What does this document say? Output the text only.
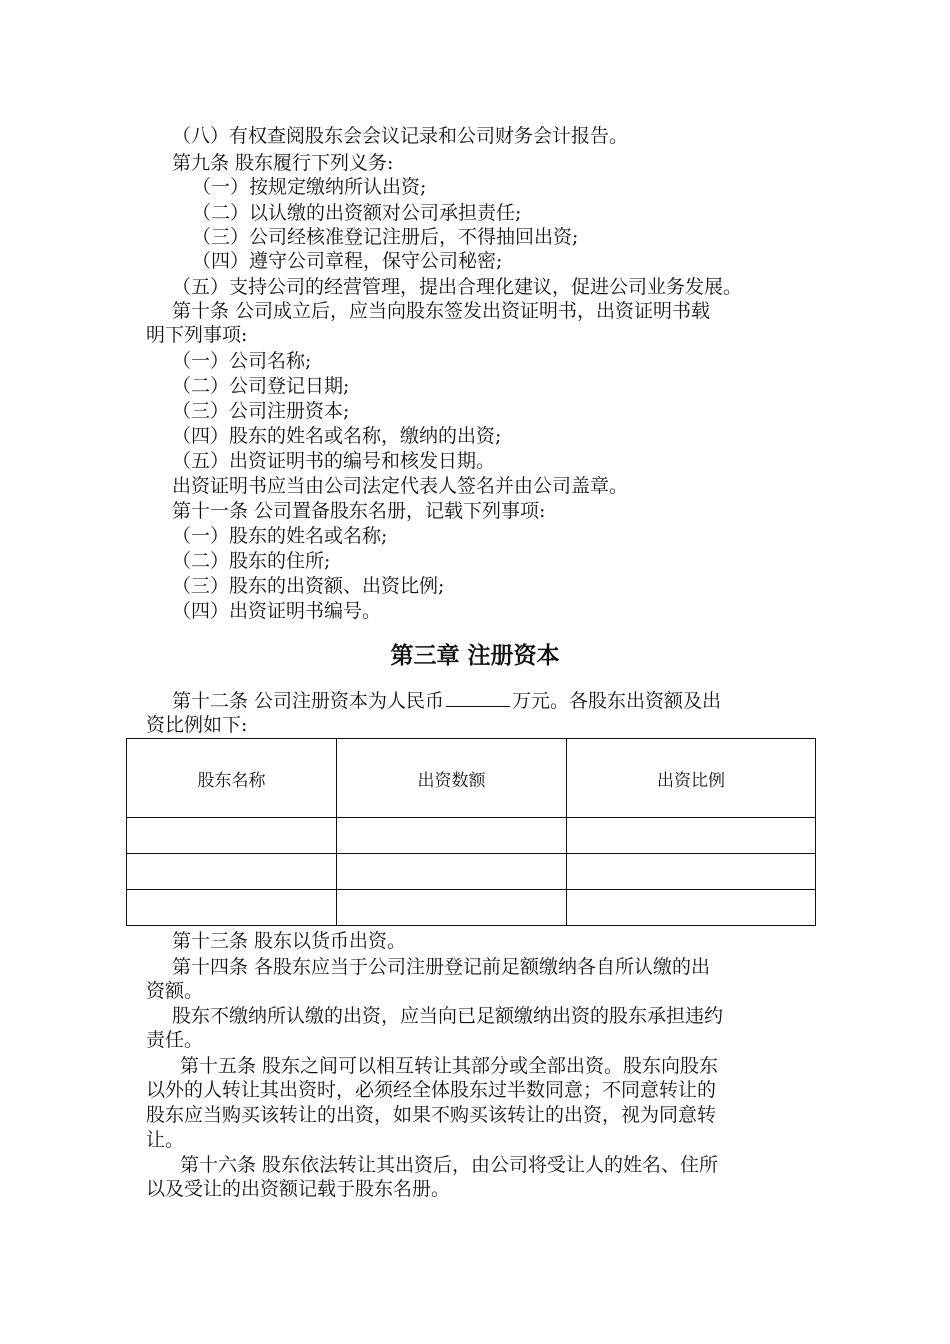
（八）有权查阅股东会会议记录和公司财务会计报告。
第九条 股东履行下列义务:
（一）按规定缴纳所认出资;
（二）以认缴的出资额对公司承担责任;
（三）公司经核准登记注册后，不得抽回出资;
（四）遵守公司章程，保守公司秘密;
（五）支持公司的经营管理，提出合理化建议，促进公司业务发展。
第十条 公司成立后，应当向股东签发出资证明书，出资证明书载
明下列事项:
（一）公司名称;
（二）公司登记日期;
（三）公司注册资本;
（四）股东的姓名或名称，缴纳的出资;
（五）出资证明书的编号和核发日期。
出资证明书应当由公司法定代表人签名并由公司盖章。
第十一条 公司置备股东名册，记载下列事项:
（一）股东的姓名或名称;
（二）股东的住所;
（三）股东的出资额、出资比例;
（四）出资证明书编号。
第三章 注册资本
第十二条 公司注册资本为人民币	万元。各股东出资额及出
资比例如下:
股东名称	出资数额	出资比例

第十三条 股东以货币出资。
第十四条 各股东应当于公司注册登记前足额缴纳各自所认缴的出
资额。
股东不缴纳所认缴的出资，应当向已足额缴纳出资的股东承担违约
责任。
第十五条 股东之间可以相互转让其部分或全部出资。股东向股东
以外的人转让其出资时，必须经全体股东过半数同意；不同意转让的
股东应当购买该转让的出资，如果不购买该转让的出资，视为同意转
让。
第十六条 股东依法转让其出资后，由公司将受让人的姓名、住所
以及受让的出资额记载于股东名册。
